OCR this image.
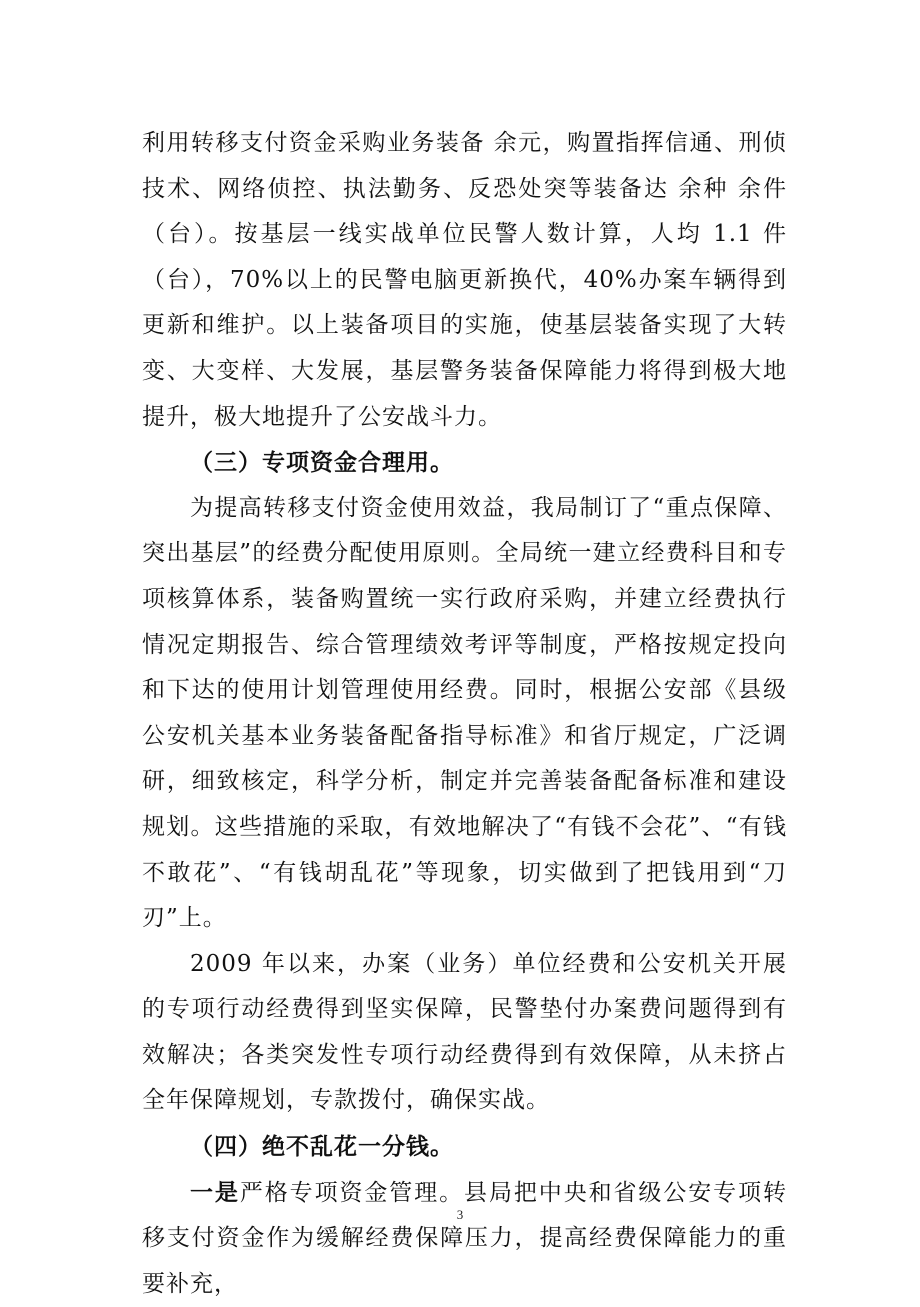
利用转移支付资金采购业务装备 余元，购置指挥信通、刑侦技术、网络侦控、执法勤务、反恐处突等装备达 余种 余件（台）。按基层一线实战单位民警人数计算，人均 1.1 件（台），70%以上的民警电脑更新换代，40%办案车辆得到更新和维护。以上装备项目的实施，使基层装备实现了大转变、大变样、大发展，基层警务装备保障能力将得到极大地提升，极大地提升了公安战斗力。

（三）专项资金合理用。

为提高转移支付资金使用效益，我局制订了“重点保障、突出基层”的经费分配使用原则。全局统一建立经费科目和专项核算体系，装备购置统一实行政府采购，并建立经费执行情况定期报告、综合管理绩效考评等制度，严格按规定投向和下达的使用计划管理使用经费。同时，根据公安部《县级公安机关基本业务装备配备指导标准》和省厅规定，广泛调研，细致核定，科学分析，制定并完善装备配备标准和建设规划。这些措施的采取，有效地解决了“有钱不会花”、“有钱不敢花”、“有钱胡乱花”等现象，切实做到了把钱用到“刀刃”上。

2009 年以来，办案（业务）单位经费和公安机关开展的专项行动经费得到坚实保障，民警垫付办案费问题得到有效解决；各类突发性专项行动经费得到有效保障，从未挤占全年保障规划，专款拨付，确保实战。

（四）绝不乱花一分钱。

一是严格专项资金管理。县局把中央和省级公安专项转移支付资金作为缓解经费保障压力，提高经费保障能力的重要补充，

3
